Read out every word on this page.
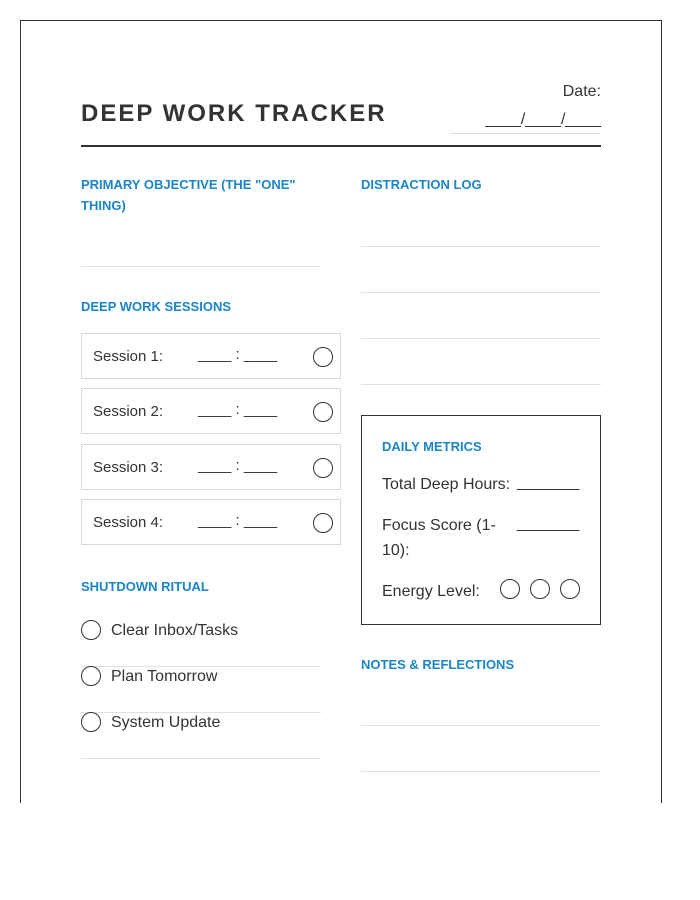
DEEP WORK TRACKER
Date:
____/____/____
PRIMARY OBJECTIVE (THE "ONE" THING)
DISTRACTION LOG
DEEP WORK SESSIONS
Session 1: ____ : ____
Session 2: ____ : ____
Session 3: ____ : ____
Session 4: ____ : ____
SHUTDOWN RITUAL
Clear Inbox/Tasks
Plan Tomorrow
System Update
DAILY METRICS
Total Deep Hours: _______
Focus Score (1-10):
_______
Energy Level:
NOTES & REFLECTIONS
